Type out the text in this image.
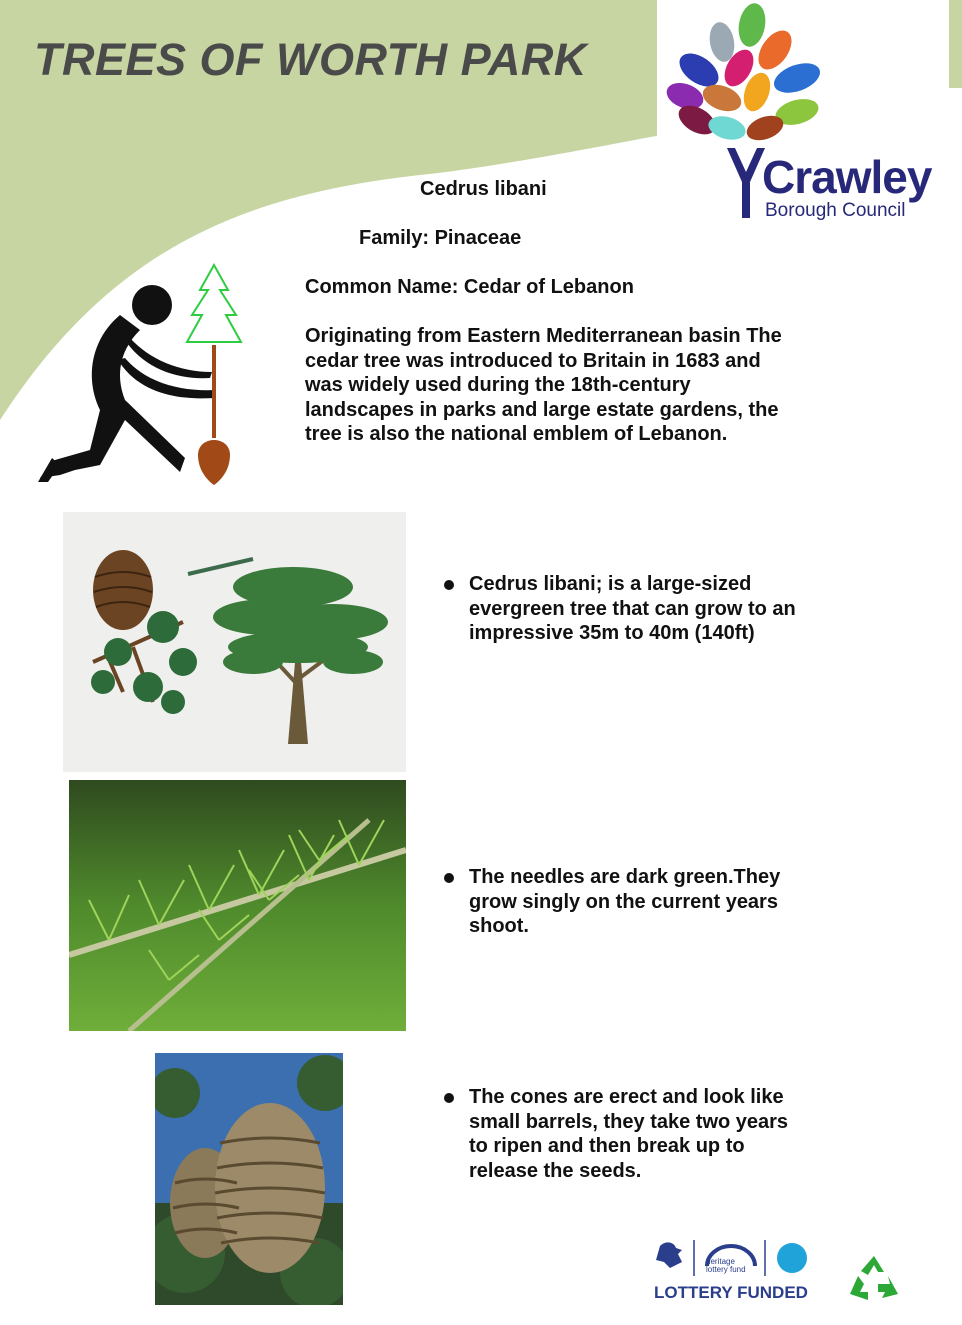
TREES OF WORTH PARK
Crawley
Borough Council
Cedrus libani
Family: Pinaceae
Common Name: Cedar of Lebanon
Originating from Eastern Mediterranean basin The cedar tree was introduced to Britain in 1683 and was widely used during the 18th-century landscapes in parks and large estate gardens, the tree is also the national emblem of Lebanon.
Cedrus libani; is a large-sized evergreen tree that can grow to an impressive 35m to 40m (140ft)
The needles are dark green.They grow singly on the current years shoot.
The cones are erect and look like small barrels, they take two years to ripen and then break up to release the seeds.
heritage
lottery fund
LOTTERY FUNDED
